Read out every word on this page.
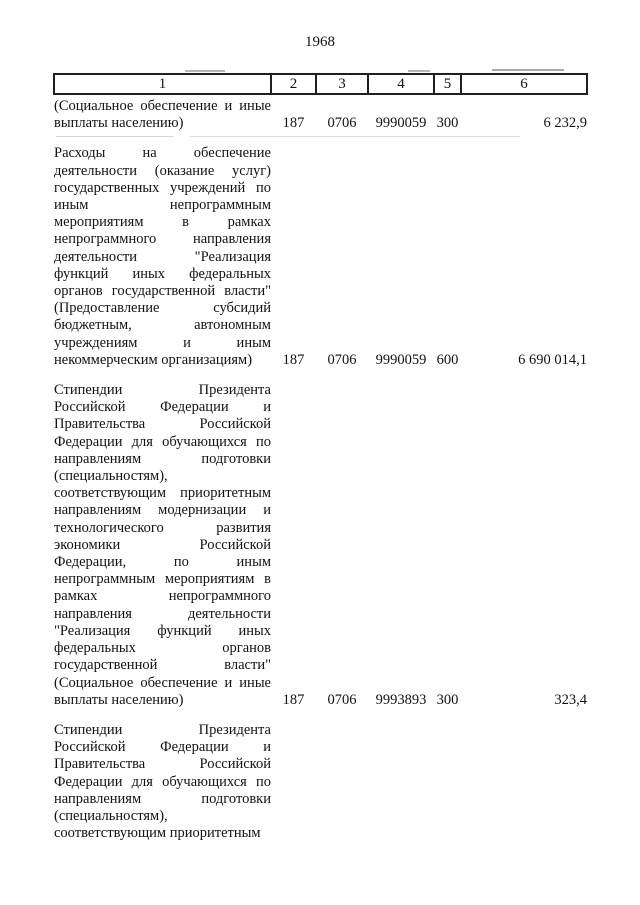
1968
1	2	3	4	5	6
(Социальное обеспечение и иные выплаты населению)	187	0706	9990059	300	6 232,9
Расходы на обеспечение деятельности (оказание услуг) государственных учреждений по иным непрограммным мероприятиям в рамках непрограммного направления деятельности "Реализация функций иных федеральных органов государственной власти" (Предоставление субсидий бюджетным, автономным учреждениям и иным некоммерческим организациям)	187	0706	9990059	600	6 690 014,1
Стипендии Президента Российской Федерации и Правительства Российской Федерации для обучающихся по направлениям подготовки (специальностям), соответствующим приоритетным направлениям модернизации и технологического развития экономики Российской Федерации, по иным непрограммным мероприятиям в рамках непрограммного направления деятельности "Реализация функций иных федеральных органов государственной власти" (Социальное обеспечение и иные выплаты населению)	187	0706	9993893	300	323,4
Стипендии Президента Российской Федерации и Правительства Российской Федерации для обучающихся по направлениям подготовки (специальностям), соответствующим приоритетным					
